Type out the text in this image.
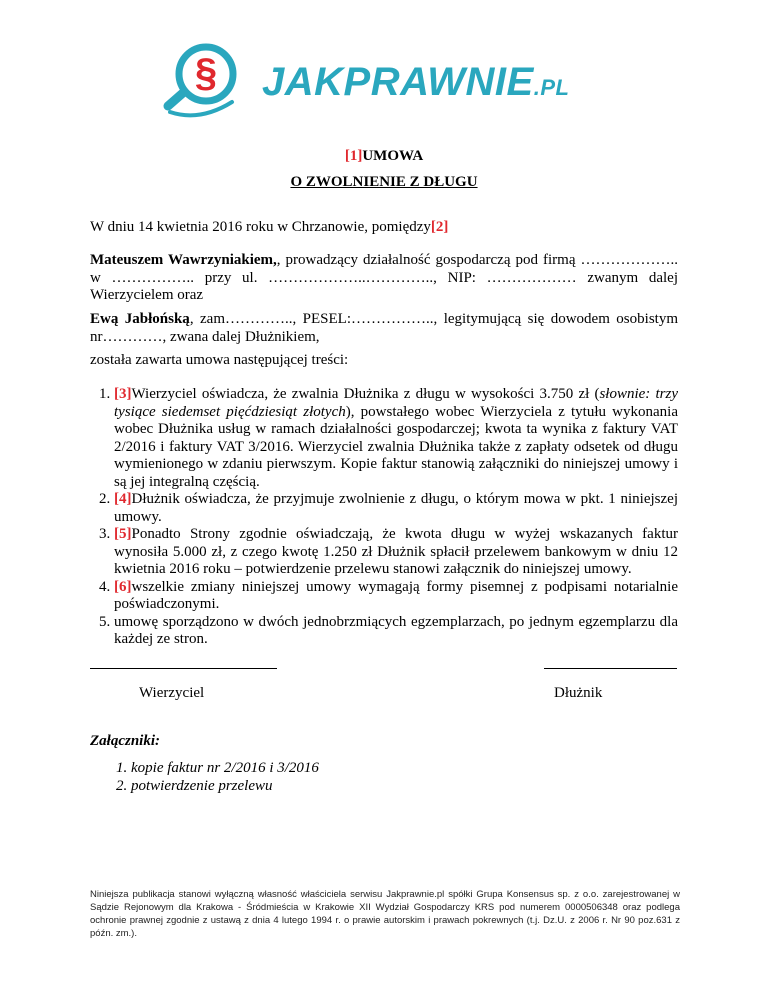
§ JAKPRAWNIE.PL
[1]UMOWA
O ZWOLNIENIE Z DŁUGU
W dniu 14 kwietnia 2016 roku w Chrzanowie, pomiędzy[2]
Mateuszem Wawrzyniakiem,, prowadzący działalność gospodarczą pod firmą ……………….. w …………….. przy ul. ………………..………….., NIP: ……………… zwanym dalej Wierzycielem oraz
Ewą Jabłońską, zam………….., PESEL:…………….., legitymującą się dowodem osobistym nr…………, zwana dalej Dłużnikiem,
została zawarta umowa następującej treści:
1. [3]Wierzyciel oświadcza, że zwalnia Dłużnika z długu w wysokości 3.750 zł (słownie: trzy tysiące siedemset pięćdziesiąt złotych), powstałego wobec Wierzyciela z tytułu wykonania wobec Dłużnika usług w ramach działalności gospodarczej; kwota ta wynika z faktury VAT 2/2016 i faktury VAT 3/2016. Wierzyciel zwalnia Dłużnika także z zapłaty odsetek od długu wymienionego w zdaniu pierwszym. Kopie faktur stanowią załączniki do niniejszej umowy i są jej integralną częścią.
2. [4]Dłużnik oświadcza, że przyjmuje zwolnienie z długu, o którym mowa w pkt. 1 niniejszej umowy.
3. [5]Ponadto Strony zgodnie oświadczają, że kwota długu w wyżej wskazanych faktur wynosiła 5.000 zł, z czego kwotę 1.250 zł Dłużnik spłacił przelewem bankowym w dniu 12 kwietnia 2016 roku – potwierdzenie przelewu stanowi załącznik do niniejszej umowy.
4. [6]wszelkie zmiany niniejszej umowy wymagają formy pisemnej z podpisami notarialnie poświadczonymi.
5. umowę sporządzono w dwóch jednobrzmiących egzemplarzach, po jednym egzemplarzu dla każdej ze stron.
Wierzyciel	Dłużnik
Załączniki:
1. kopie faktur nr 2/2016 i 3/2016
2. potwierdzenie przelewu
Niniejsza publikacja stanowi wyłączną własność właściciela serwisu Jakprawnie.pl spółki Grupa Konsensus sp. z o.o. zarejestrowanej w Sądzie Rejonowym dla Krakowa - Śródmieścia w Krakowie XII Wydział Gospodarczy KRS pod numerem 0000506348 oraz podlega ochronie prawnej zgodnie z ustawą z dnia 4 lutego 1994 r. o prawie autorskim i prawach pokrewnych (t.j. Dz.U. z 2006 r. Nr 90 poz.631 z późn. zm.).
